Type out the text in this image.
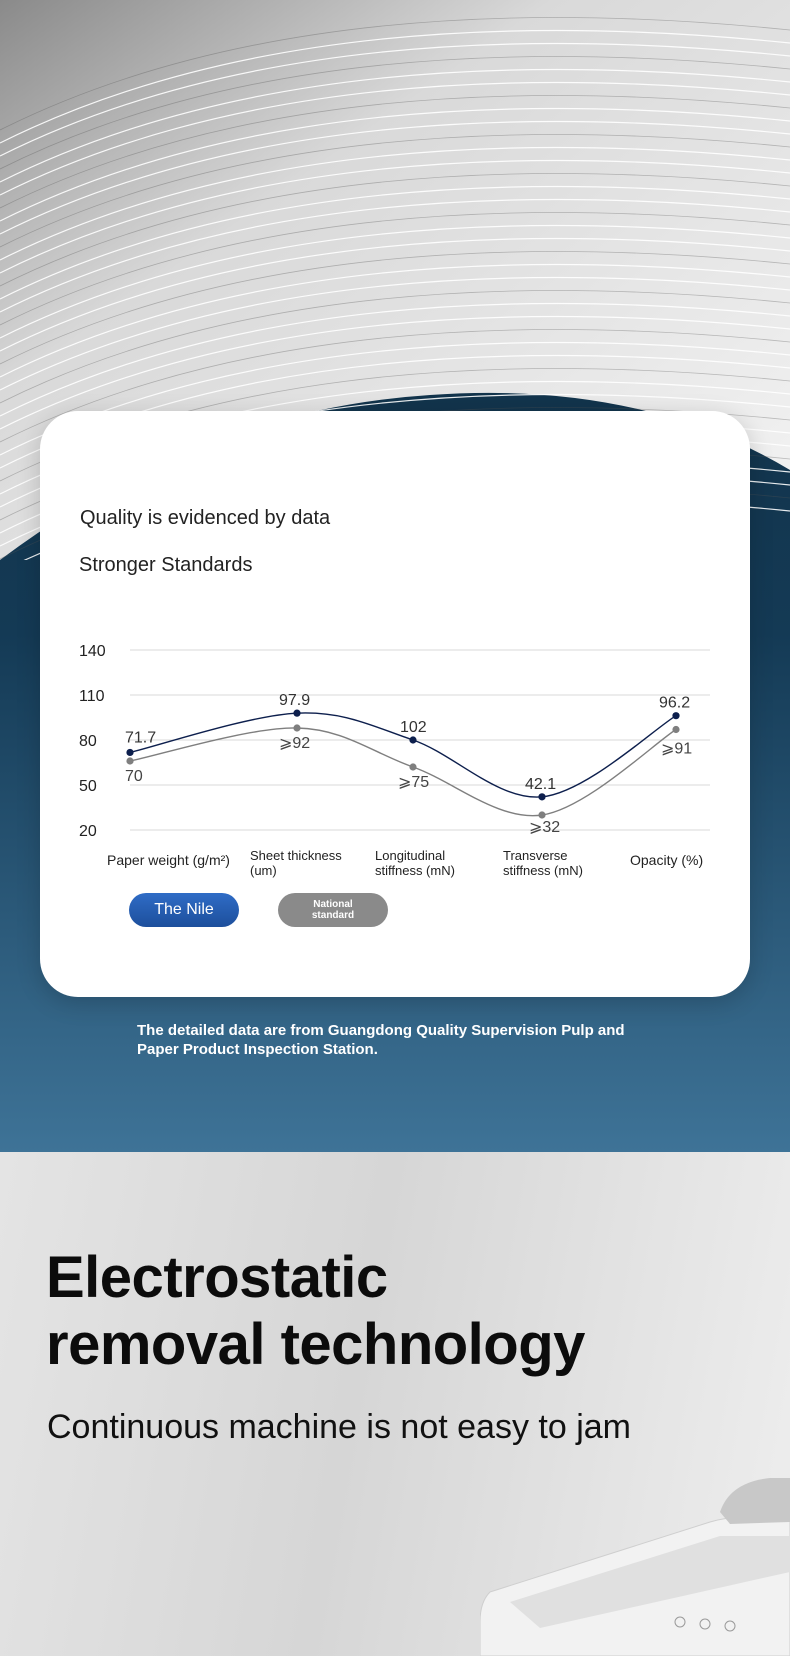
Quality is evidenced by data
Stronger Standards
140
110
80
50
20
Paper weight (g/m²) Sheet thickness (um)
Longitudinal stiffness (mN)
Transverse stiffness (mN)
Opacity (%)
71.7
97.9
102
42.1
96.2
70
⩾92
⩾75
⩾32
⩾91
The Nile	National standard

The detailed data are from Guangdong Quality Supervision Pulp and Paper Product Inspection Station.

Electrostatic
removal technology

Continuous machine is not easy to jam
